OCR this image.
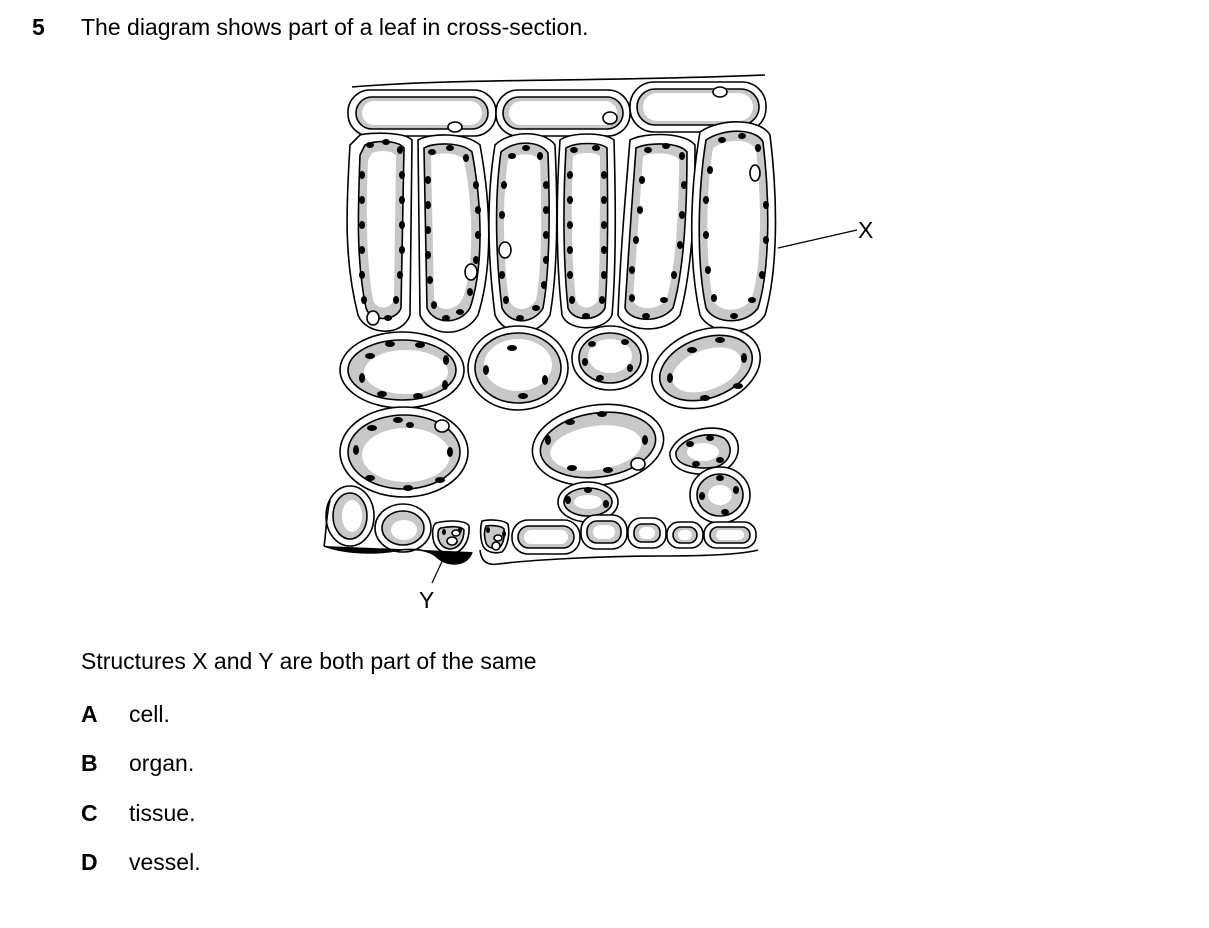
5 The diagram shows part of a leaf in cross-section.
X
Y
Structures X and Y are both part of the same
A cell.
B organ.
C tissue.
D vessel.
